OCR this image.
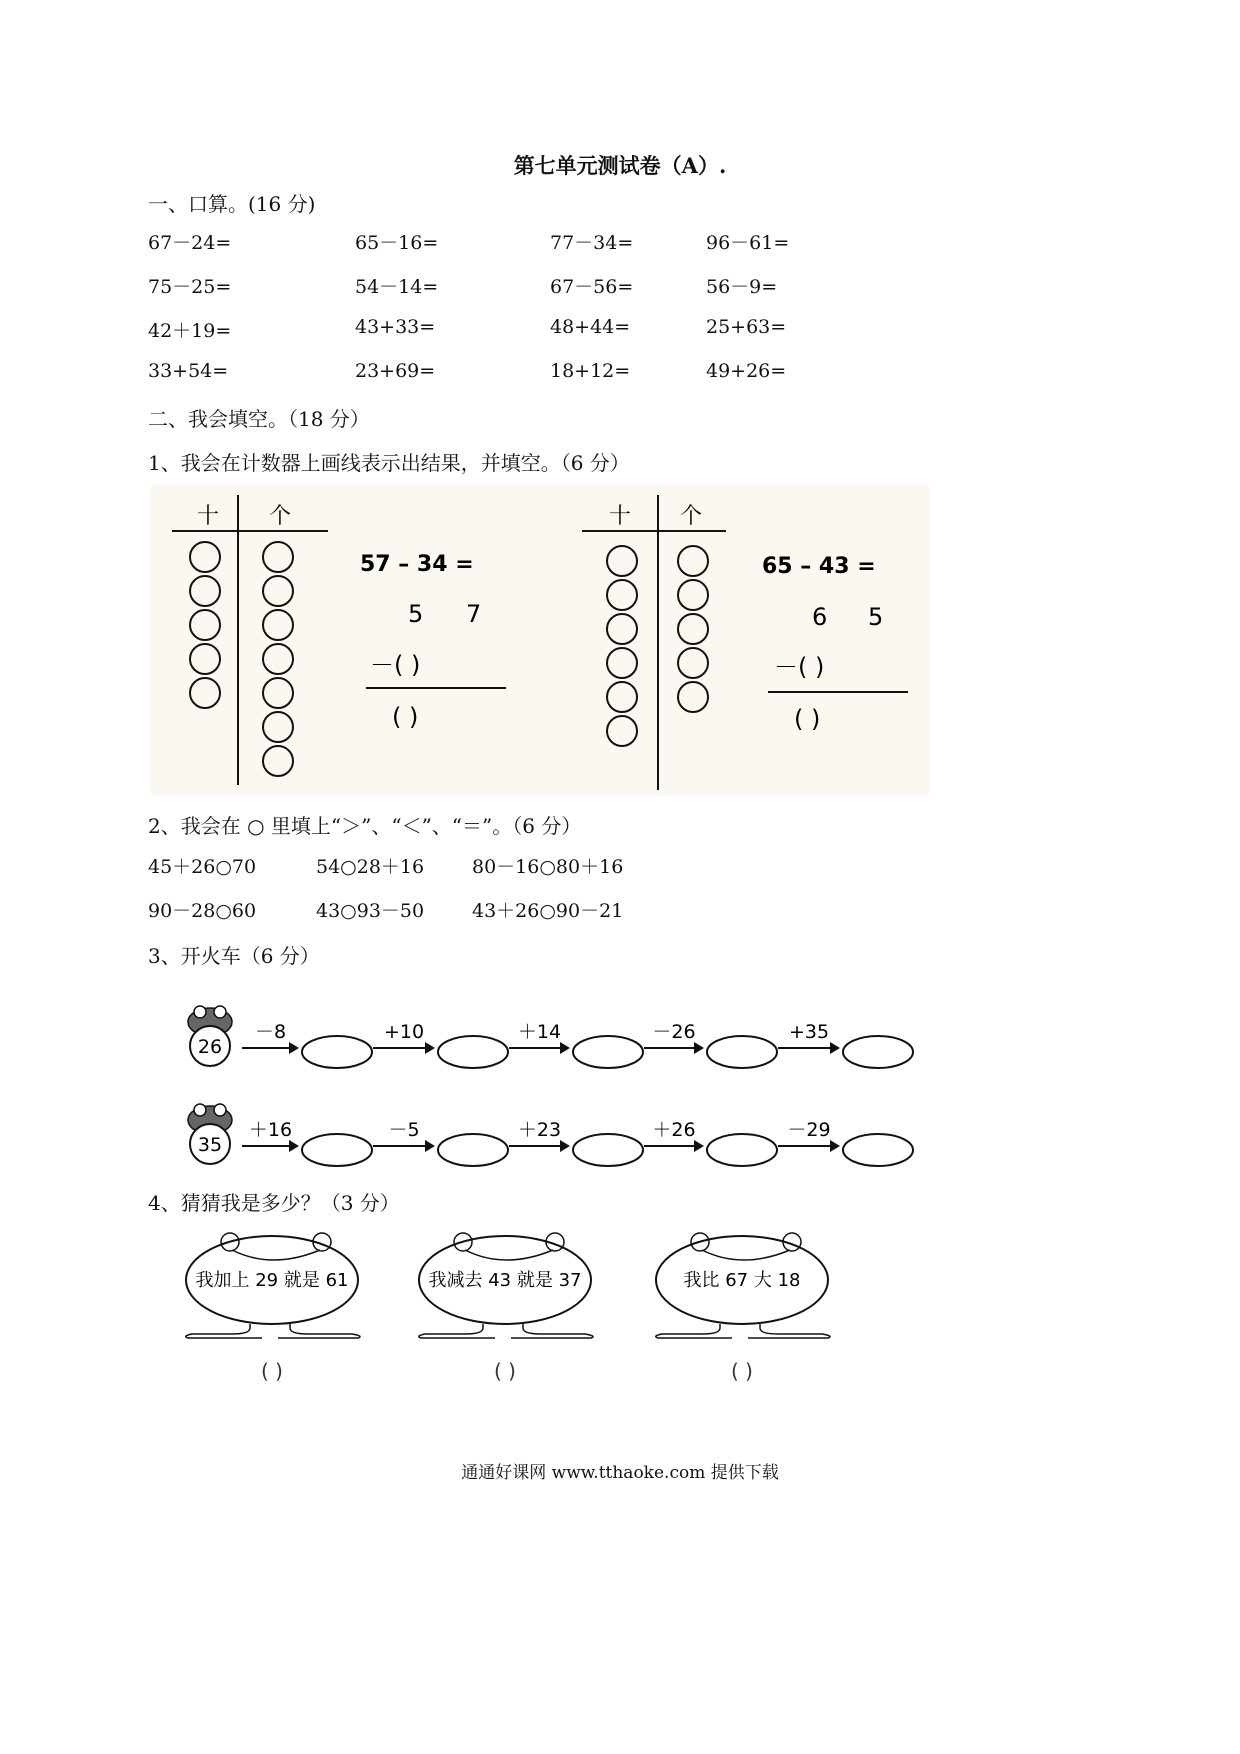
第七单元测试卷（A）.
一、口算。(16 分)
67－24=	65－16=	77－34=	96－61=
75－25=	54－14=	67－56=	56－9=
42＋19=	43+33=	48+44=	25+63=
33+54=	23+69=	18+12=	49+26=
二、我会填空。（18 分）
1、我会在计数器上画线表示出结果，并填空。（6 分）
十 个
57 – 34 =
5 7
－( )
( )
十 个
65 – 43 =
6 5
－( )
( )
2、我会在 ○ 里填上“＞”、“＜”、“＝”。（6 分）
45＋26○70	54○28＋16	80－16○80＋16
90－28○60	43○93－50	43＋26○90－21
3、开火车（6 分）
26
－8	+10	＋14	－26	+35
35
＋16	－5	＋23	＋26	－29
4、猜猜我是多少？（3 分）
我加上 29 就是 61
( )
我减去 43 就是 37
( )
我比 67 大 18
( )
通通好课网 www.tthaoke.com 提供下载
